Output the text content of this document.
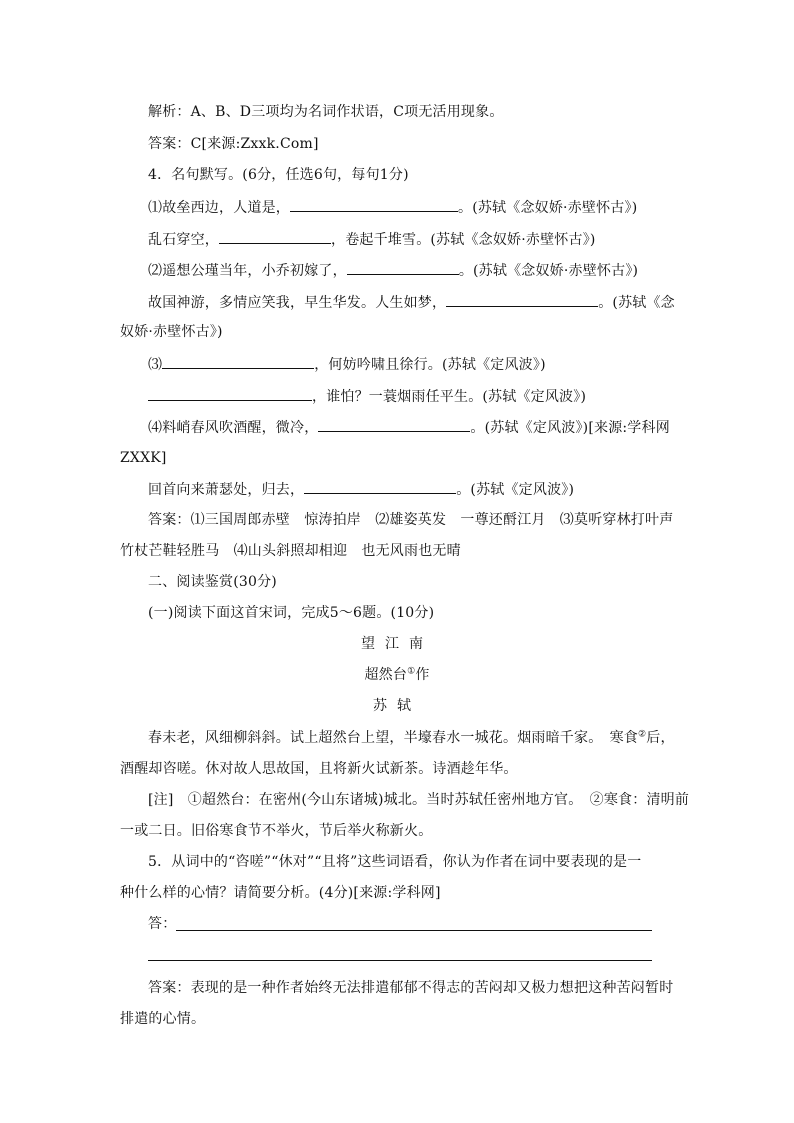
解析：A、B、D三项均为名词作状语，C项无活用现象。
答案：C[来源:Zxxk.Com]
4．名句默写。(6分，任选6句，每句1分)
⑴故垒西边，人道是，	。(苏轼《念奴娇·赤壁怀古》)
乱石穿空，	，卷起千堆雪。(苏轼《念奴娇·赤壁怀古》)
⑵遥想公瑾当年，小乔初嫁了，	。(苏轼《念奴娇·赤壁怀古》)
故国神游，多情应笑我，早生华发。人生如梦，	。(苏轼《念
奴娇·赤壁怀古》)
⑶	，何妨吟啸且徐行。(苏轼《定风波》)
，谁怕？一蓑烟雨任平生。(苏轼《定风波》)
⑷料峭春风吹酒醒，微冷，	。(苏轼《定风波》)[来源:学科网
ZXXK]
回首向来萧瑟处，归去，	。(苏轼《定风波》)
答案：⑴三国周郎赤壁　惊涛拍岸　⑵雄姿英发　一尊还酹江月　⑶莫听穿林打叶声
竹杖芒鞋轻胜马　⑷山头斜照却相迎　也无风雨也无晴
二、阅读鉴赏(30分)
(一)阅读下面这首宋词，完成5～6题。(10分)
望江南
超然台①作
苏轼
春未老，风细柳斜斜。试上超然台上望，半壕春水一城花。烟雨暗千家。　寒食②后，
酒醒却咨嗟。休对故人思故国，且将新火试新茶。诗酒趁年华。
[注]　①超然台：在密州(今山东诸城)城北。当时苏轼任密州地方官。　②寒食：清明前
一或二日。旧俗寒食节不举火，节后举火称新火。
5．从词中的“咨嗟”“休对”“且将”这些词语看，你认为作者在词中要表现的是一
种什么样的心情？请简要分析。(4分)[来源:学科网]
答：
答案：表现的是一种作者始终无法排遣郁郁不得志的苦闷却又极力想把这种苦闷暂时
排遣的心情。
